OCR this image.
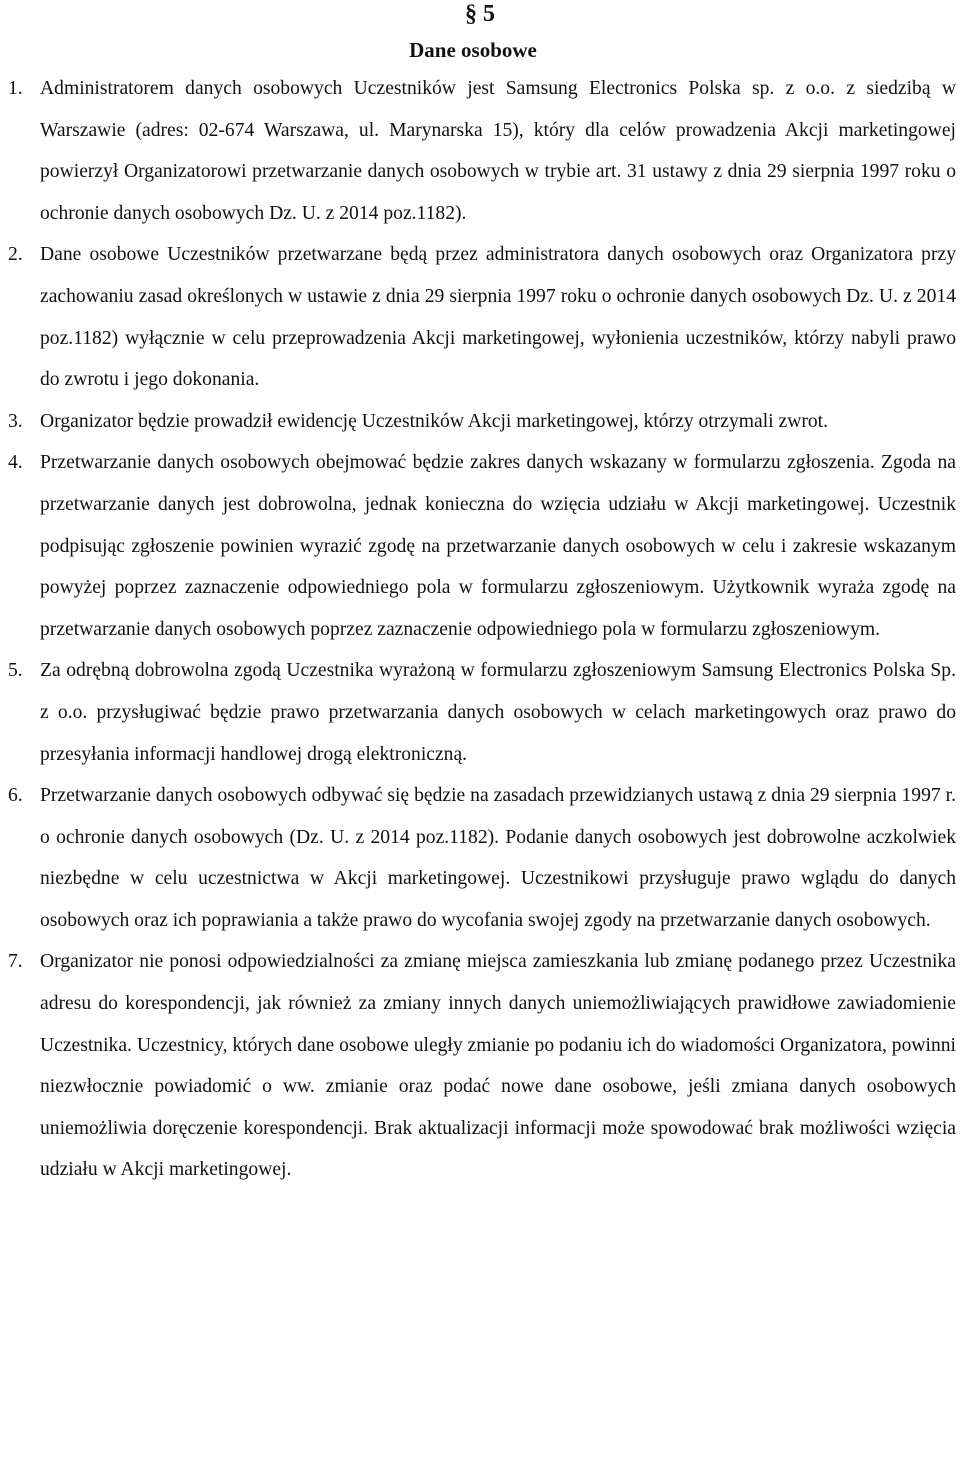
§ 5
Dane osobowe
1. Administratorem danych osobowych Uczestników jest Samsung Electronics Polska sp. z o.o. z siedzibą w Warszawie (adres: 02-674 Warszawa, ul. Marynarska 15), który dla celów prowadzenia Akcji marketingowej powierzył Organizatorowi przetwarzanie danych osobowych w trybie art. 31 ustawy z dnia 29 sierpnia 1997 roku o ochronie danych osobowych Dz. U. z 2014 poz.1182).
2. Dane osobowe Uczestników przetwarzane będą przez administratora danych osobowych oraz Organizatora przy zachowaniu zasad określonych w ustawie z dnia 29 sierpnia 1997 roku o ochronie danych osobowych Dz. U. z 2014 poz.1182) wyłącznie w celu przeprowadzenia Akcji marketingowej, wyłonienia uczestników, którzy nabyli prawo do zwrotu i jego dokonania.
3. Organizator będzie prowadził ewidencję Uczestników Akcji marketingowej, którzy otrzymali zwrot.
4. Przetwarzanie danych osobowych obejmować będzie zakres danych wskazany w formularzu zgłoszenia. Zgoda na przetwarzanie danych jest dobrowolna, jednak konieczna do wzięcia udziału w Akcji marketingowej. Uczestnik podpisując zgłoszenie powinien wyrazić zgodę na przetwarzanie danych osobowych w celu i zakresie wskazanym powyżej poprzez zaznaczenie odpowiedniego pola w formularzu zgłoszeniowym. Użytkownik wyraża zgodę na przetwarzanie danych osobowych poprzez zaznaczenie odpowiedniego pola w formularzu zgłoszeniowym.
5. Za odrębną dobrowolna zgodą Uczestnika wyrażoną w formularzu zgłoszeniowym Samsung Electronics Polska Sp. z o.o. przysługiwać będzie prawo przetwarzania danych osobowych w celach marketingowych oraz prawo do przesyłania informacji handlowej drogą elektroniczną.
6. Przetwarzanie danych osobowych odbywać się będzie na zasadach przewidzianych ustawą z dnia 29 sierpnia 1997 r. o ochronie danych osobowych (Dz. U. z 2014 poz.1182). Podanie danych osobowych jest dobrowolne aczkolwiek niezbędne w celu uczestnictwa w Akcji marketingowej. Uczestnikowi przysługuje prawo wglądu do danych osobowych oraz ich poprawiania a także prawo do wycofania swojej zgody na przetwarzanie danych osobowych.
7. Organizator nie ponosi odpowiedzialności za zmianę miejsca zamieszkania lub zmianę podanego przez Uczestnika adresu do korespondencji, jak również za zmiany innych danych uniemożliwiających prawidłowe zawiadomienie Uczestnika. Uczestnicy, których dane osobowe uległy zmianie po podaniu ich do wiadomości Organizatora, powinni niezwłocznie powiadomić o ww. zmianie oraz podać nowe dane osobowe, jeśli zmiana danych osobowych uniemożliwia doręczenie korespondencji. Brak aktualizacji informacji może spowodować brak możliwości wzięcia udziału w Akcji marketingowej.
